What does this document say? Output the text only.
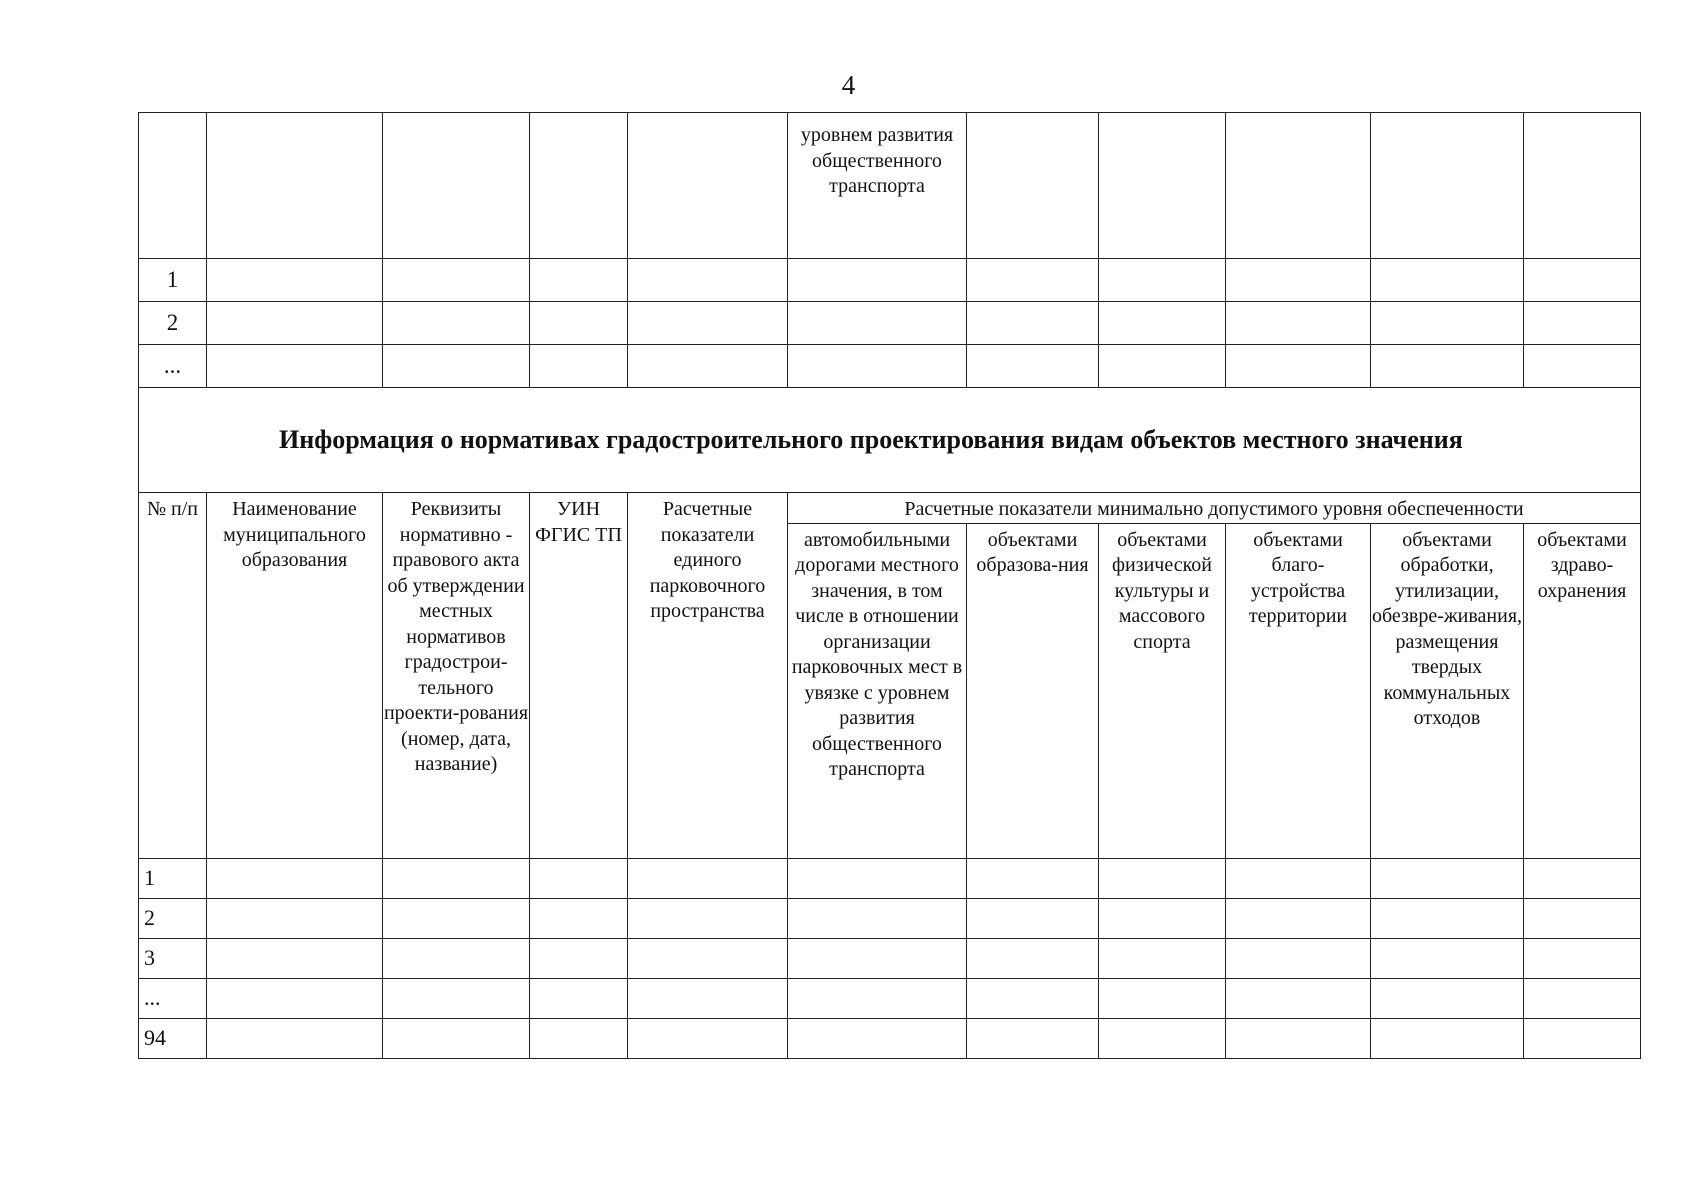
4
					уровнем развития общественного транспорта					
1										
2										
...										
Информация о нормативах градостроительного проектирования видам объектов местного значения										
№ п/п	Наименование муниципального образования	Реквизиты нормативно - правового акта об утверждении местных нормативов градострои-тельного проекти-рования (номер, дата, название)	УИН ФГИС ТП	Расчетные показатели единого парковочного пространства	Расчетные показатели минимально допустимого уровня обеспеченности					
					автомобильными дорогами местного значения, в том числе в отношении организации парковочных мест в увязке с уровнем развития общественного транспорта	объектами образова-ния	объектами физической культуры и массового спорта	объектами благо-устройства территории	объектами обработки, утилизации, обезвре-живания, размещения твердых коммунальных отходов	объектами здраво-охранения
1										
2										
3										
...										
94										
